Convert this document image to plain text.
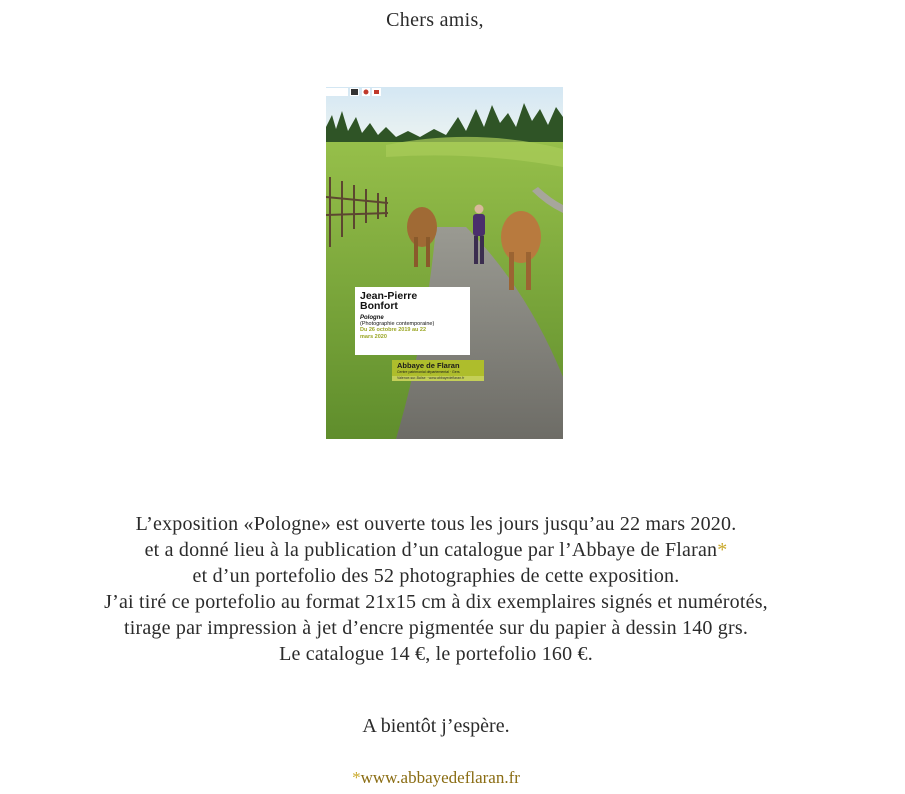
Chers amis,
Jean-Pierre Bonfort
Pologne
(Photographie contemporaine)
Du 26 octobre 2019 au 22 mars 2020
Abbaye de Flaran
Centre patrimonial départemental · Gers
Valence-sur-Baïse · www.abbayedeflaran.fr
L’exposition «Pologne» est ouverte tous les jours jusqu’au 22 mars 2020.
et a donné lieu à la publication d’un catalogue par l’Abbaye de Flaran*
et d’un portefolio des 52 photographies de cette exposition.
J’ai tiré ce portefolio au format 21x15 cm à dix exemplaires signés et numérotés,
tirage par impression à jet d’encre pigmentée sur du papier à dessin 140 grs.
Le catalogue 14 €, le portefolio 160 €.
A bientôt j’espère.
*www.abbayedeflaran.fr
